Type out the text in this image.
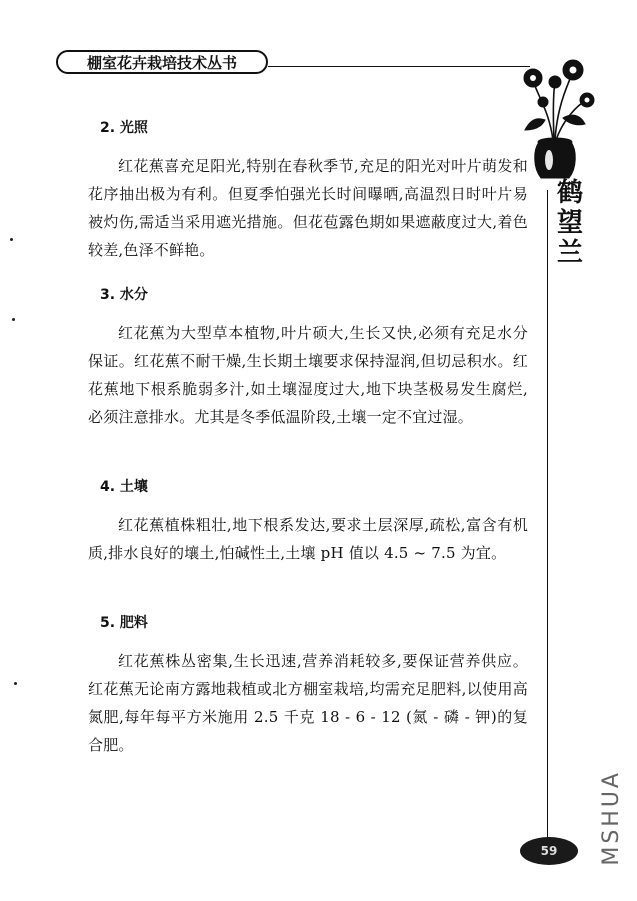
棚室花卉栽培技术丛书
鹤
望
兰
2. 光照

红花蕉喜充足阳光,特别在春秋季节,充足的阳光对叶片萌发和花序抽出极为有利。但夏季怕强光长时间曝晒,高温烈日时叶片易被灼伤,需适当采用遮光措施。但花苞露色期如果遮蔽度过大,着色较差,色泽不鲜艳。

3. 水分

红花蕉为大型草本植物,叶片硕大,生长又快,必须有充足水分保证。红花蕉不耐干燥,生长期土壤要求保持湿润,但切忌积水。红花蕉地下根系脆弱多汁,如土壤湿度过大,地下块茎极易发生腐烂,必须注意排水。尤其是冬季低温阶段,土壤一定不宜过湿。

4. 土壤

红花蕉植株粗壮,地下根系发达,要求土层深厚,疏松,富含有机质,排水良好的壤土,怕碱性土,土壤 pH 值以 4.5 ~ 7.5 为宜。

5. 肥料

红花蕉株丛密集,生长迅速,营养消耗较多,要保证营养供应。红花蕉无论南方露地栽植或北方棚室栽培,均需充足肥料,以使用高氮肥,每年每平方米施用 2.5 千克 18 - 6 - 12 (氮 - 磷 - 钾)的复合肥。

59 MSHUA
